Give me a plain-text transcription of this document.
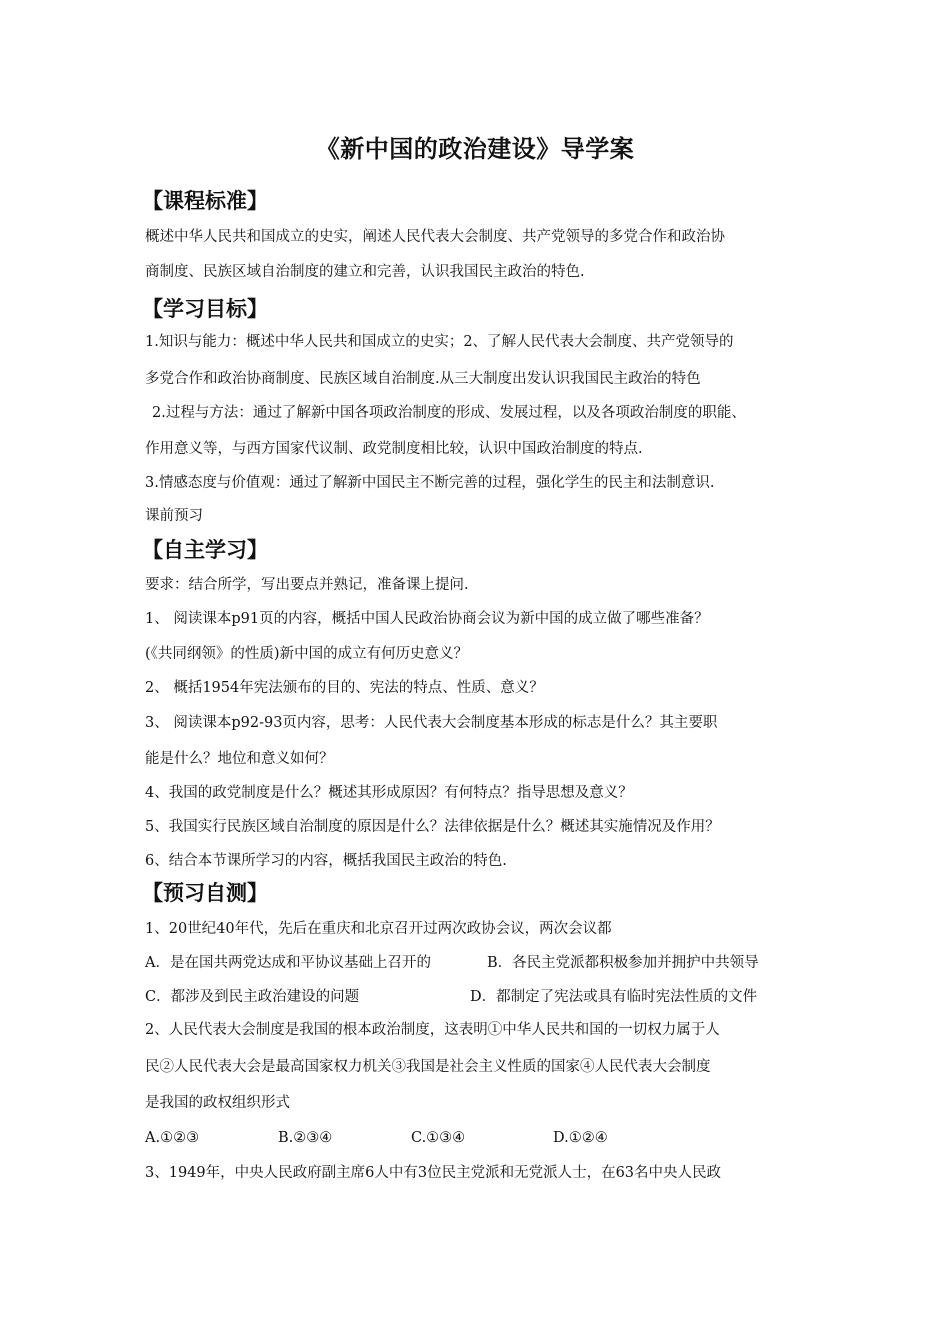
《新中国的政治建设》导学案
【课程标准】
概述中华人民共和国成立的史实，阐述人民代表大会制度、共产党领导的多党合作和政治协
商制度、民族区域自治制度的建立和完善，认识我国民主政治的特色.
【学习目标】
1.知识与能力：概述中华人民共和国成立的史实；2、了解人民代表大会制度、共产党领导的
多党合作和政治协商制度、民族区域自治制度.从三大制度出发认识我国民主政治的特色
2.过程与方法：通过了解新中国各项政治制度的形成、发展过程，以及各项政治制度的职能、
作用意义等，与西方国家代议制、政党制度相比较，认识中国政治制度的特点.
3.情感态度与价值观：通过了解新中国民主不断完善的过程，强化学生的民主和法制意识.
课前预习
【自主学习】
要求：结合所学，写出要点并熟记，准备课上提问.
1、 阅读课本p91页的内容，概括中国人民政治协商会议为新中国的成立做了哪些准备？
(《共同纲领》的性质)新中国的成立有何历史意义？
2、 概括1954年宪法颁布的目的、宪法的特点、性质、意义？
3、 阅读课本p92-93页内容，思考：人民代表大会制度基本形成的标志是什么？其主要职
能是什么？地位和意义如何？
4、我国的政党制度是什么？概述其形成原因？有何特点？指导思想及意义？
5、我国实行民族区域自治制度的原因是什么？法律依据是什么？概述其实施情况及作用？
6、结合本节课所学习的内容，概括我国民主政治的特色.
【预习自测】
1、20世纪40年代，先后在重庆和北京召开过两次政协会议，两次会议都
A．是在国共两党达成和平协议基础上召开的	B．各民主党派都积极参加并拥护中共领导
C．都涉及到民主政治建设的问题	D．都制定了宪法或具有临时宪法性质的文件
2、人民代表大会制度是我国的根本政治制度，这表明①中华人民共和国的一切权力属于人
民②人民代表大会是最高国家权力机关③我国是社会主义性质的国家④人民代表大会制度
是我国的政权组织形式
A.①②③	B.②③④	C.①③④	D.①②④
3、1949年，中央人民政府副主席6人中有3位民主党派和无党派人士，在63名中央人民政
